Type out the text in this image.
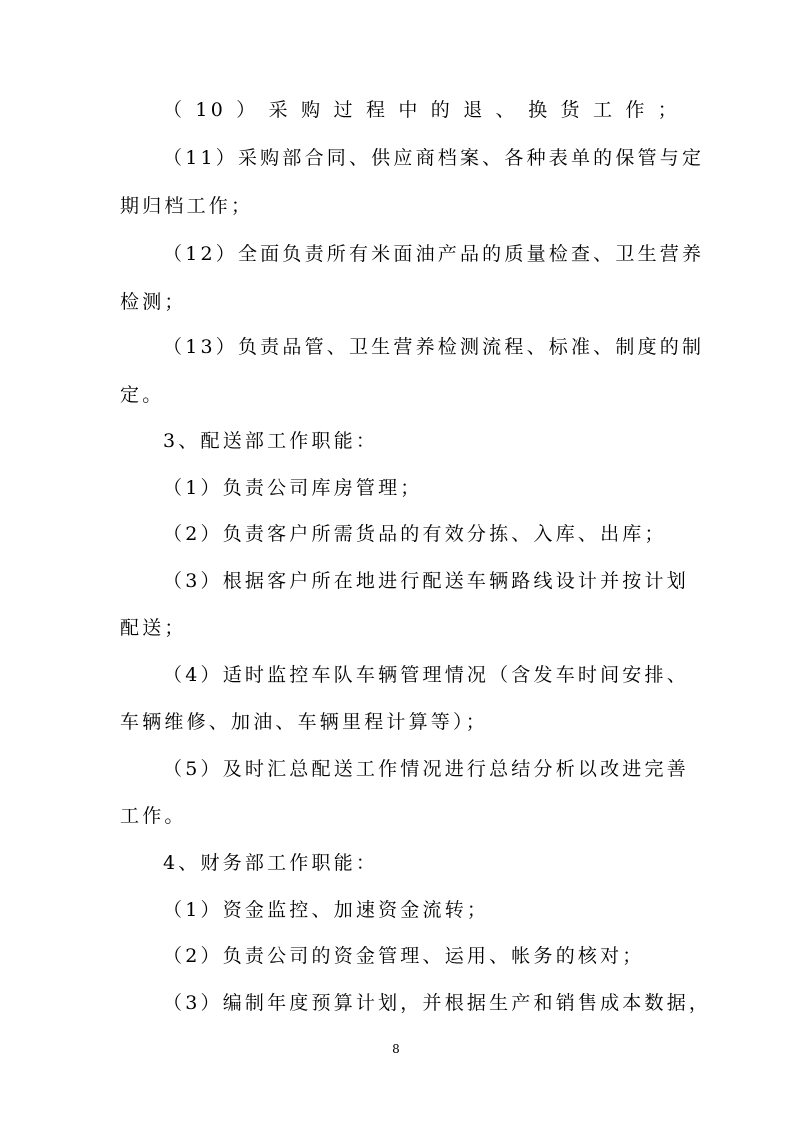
（10）采购过程中的退、换货工作；
（11）采购部合同、供应商档案、各种表单的保管与定
期归档工作；
（12）全面负责所有米面油产品的质量检查、卫生营养
检测；
（13）负责品管、卫生营养检测流程、标准、制度的制
定。
3、配送部工作职能：
（1）负责公司库房管理；
（2）负责客户所需货品的有效分拣、入库、出库；
（3）根据客户所在地进行配送车辆路线设计并按计划
配送；
（4）适时监控车队车辆管理情况（含发车时间安排、
车辆维修、加油、车辆里程计算等）；
（5）及时汇总配送工作情况进行总结分析以改进完善
工作。
4、财务部工作职能：
（1）资金监控、加速资金流转；
（2）负责公司的资金管理、运用、帐务的核对；
（3）编制年度预算计划，并根据生产和销售成本数据，
8
